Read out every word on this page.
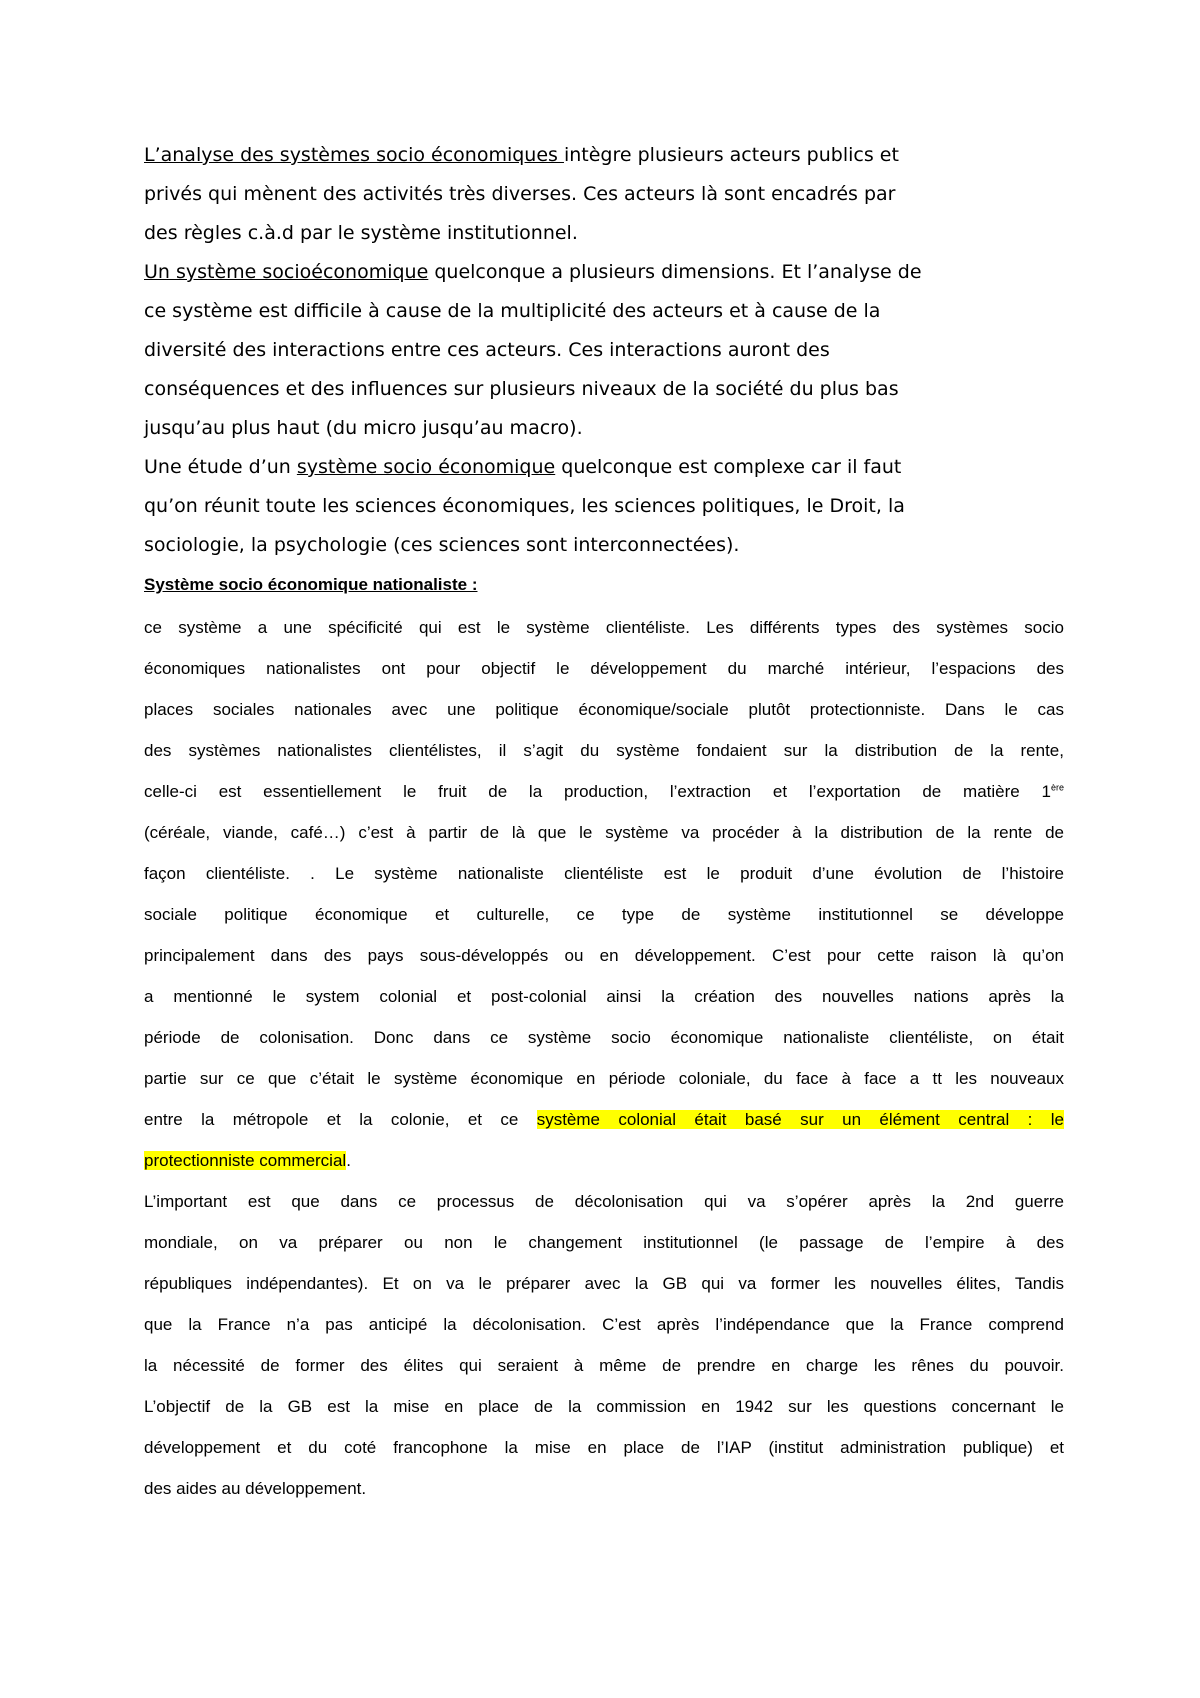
L’analyse des systèmes socio économiques intègre plusieurs acteurs publics et

privés qui mènent des activités très diverses. Ces acteurs là sont encadrés par

des règles c.à.d par le système institutionnel.

Un système socioéconomique quelconque a plusieurs dimensions. Et l’analyse de

ce système est difficile à cause de la multiplicité des acteurs et à cause de la

diversité des interactions entre ces acteurs. Ces interactions auront des

conséquences et des influences sur plusieurs niveaux de la société du plus bas

jusqu’au plus haut (du micro jusqu’au macro).

Une étude d’un système socio économique quelconque est complexe car il faut

qu’on réunit toute les sciences économiques, les sciences politiques, le Droit, la

sociologie, la psychologie (ces sciences sont interconnectées).

Système socio économique nationaliste :
ce système a une spécificité qui est le système clientéliste. Les différents types des systèmes socio
économiques nationalistes ont pour objectif le développement du marché intérieur, l’espacions des
places sociales nationales avec une politique économique/sociale plutôt protectionniste. Dans le cas
des systèmes nationalistes clientélistes, il s’agit du système fondaient sur la distribution de la rente,
celle-ci est essentiellement le fruit de la production, l’extraction et l’exportation de matière 1ère
(céréale, viande, café…) c’est à partir de là que le système va procéder à la distribution de la rente de
façon clientéliste. . Le système nationaliste clientéliste est le produit d’une évolution de l’histoire
sociale politique économique et culturelle, ce type de système institutionnel se développe
principalement dans des pays sous-développés ou en développement. C’est pour cette raison là qu’on
a mentionné le system colonial et post-colonial ainsi la création des nouvelles nations après la
période de colonisation. Donc dans ce système socio économique nationaliste clientéliste, on était
partie sur ce que c’était le système économique en période coloniale, du face à face a tt les nouveaux
entre la métropole et la colonie, et ce système colonial était basé sur un élément central : le
protectionniste commercial.
L’important est que dans ce processus de décolonisation qui va s’opérer après la 2nd guerre
mondiale, on va préparer ou non le changement institutionnel (le passage de l’empire à des
républiques indépendantes). Et on va le préparer avec la GB qui va former les nouvelles élites, Tandis
que la France n’a pas anticipé la décolonisation. C’est après l’indépendance que la France comprend
la nécessité de former des élites qui seraient à même de prendre en charge les rênes du pouvoir.
L’objectif de la GB est la mise en place de la commission en 1942 sur les questions concernant le
développement et du coté francophone la mise en place de l’IAP (institut administration publique) et
des aides au développement.
